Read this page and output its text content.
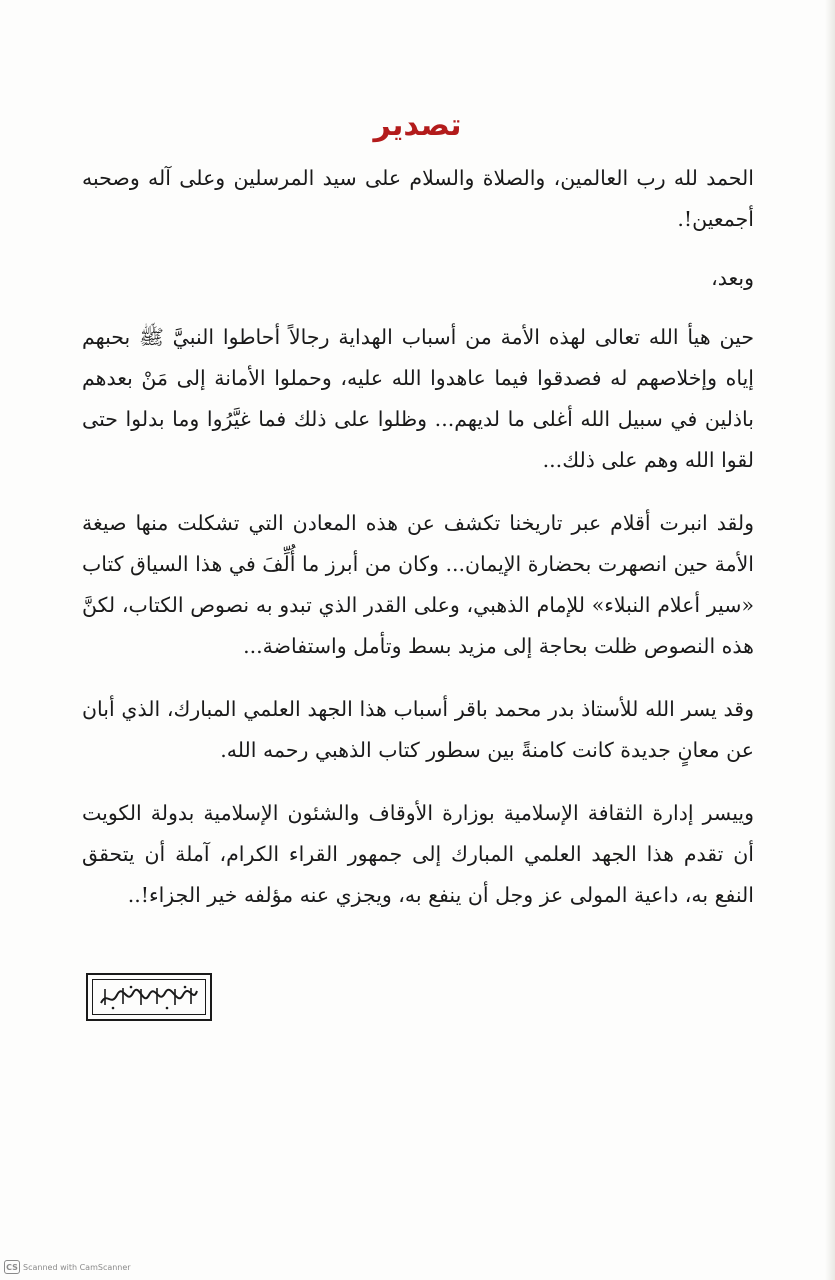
تصدير

الحمد لله رب العالمين، والصلاة والسلام على سيد المرسلين وعلى آله وصحبه أجمعين!.

وبعد،

حين هيأ الله تعالى لهذه الأمة من أسباب الهداية رجالاً أحاطوا النبيَّ ﷺ بحبهم إياه وإخلاصهم له فصدقوا فيما عاهدوا الله عليه، وحملوا الأمانة إلى مَنْ بعدهم باذلين في سبيل الله أغلى ما لديهم... وظلوا على ذلك فما غيَّرُوا وما بدلوا حتى لقوا الله وهم على ذلك...

ولقد انبرت أقلام عبر تاريخنا تكشف عن هذه المعادن التي تشكلت منها صيغة الأمة حين انصهرت بحضارة الإيمان... وكان من أبرز ما أُلِّفَ في هذا السياق كتاب «سير أعلام النبلاء» للإمام الذهبي، وعلى القدر الذي تبدو به نصوص الكتاب، لكنَّ هذه النصوص ظلت بحاجة إلى مزيد بسط وتأمل واستفاضة...

وقد يسر الله للأستاذ بدر محمد باقر أسباب هذا الجهد العلمي المبارك، الذي أبان عن معانٍ جديدة كانت كامنةً بين سطور كتاب الذهبي رحمه الله.

وييسر إدارة الثقافة الإسلامية بوزارة الأوقاف والشئون الإسلامية بدولة الكويت أن تقدم هذا الجهد العلمي المبارك إلى جمهور القراء الكرام، آملة أن يتحقق النفع به، داعية المولى عز وجل أن ينفع به، ويجزي عنه مؤلفه خير الجزاء!..

CS Scanned with CamScanner
